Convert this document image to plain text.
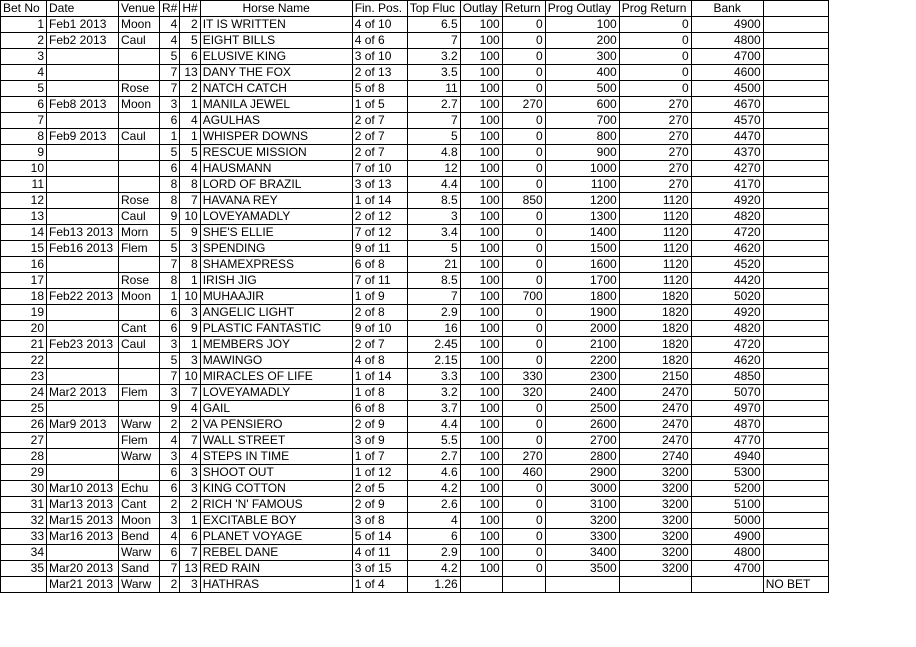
Bet No	Date	Venue	R#	H#	Horse Name	Fin. Pos.	Top Fluc	Outlay	Return	Prog Outlay	Prog Return	Bank	
1	Feb1 2013	Moon	4	2	IT IS WRITTEN	4 of 10	6.5	100	0	100	0	4900	
2	Feb2 2013	Caul	4	5	EIGHT BILLS	4 of 6	7	100	0	200	0	4800	
3			5	6	ELUSIVE KING	3 of 10	3.2	100	0	300	0	4700	
4			7	13	DANY THE FOX	2 of 13	3.5	100	0	400	0	4600	
5		Rose	7	2	NATCH CATCH	5 of 8	11	100	0	500	0	4500	
6	Feb8 2013	Moon	3	1	MANILA JEWEL	1 of 5	2.7	100	270	600	270	4670	
7			6	4	AGULHAS	2 of 7	7	100	0	700	270	4570	
8	Feb9 2013	Caul	1	1	WHISPER DOWNS	2 of 7	5	100	0	800	270	4470	
9			5	5	RESCUE MISSION	2 of 7	4.8	100	0	900	270	4370	
10			6	4	HAUSMANN	7 of 10	12	100	0	1000	270	4270	
11			8	8	LORD OF BRAZIL	3 of 13	4.4	100	0	1100	270	4170	
12		Rose	8	7	HAVANA REY	1 of 14	8.5	100	850	1200	1120	4920	
13		Caul	9	10	LOVEYAMADLY	2 of 12	3	100	0	1300	1120	4820	
14	Feb13 2013	Morn	5	9	SHE'S ELLIE	7 of 12	3.4	100	0	1400	1120	4720	
15	Feb16 2013	Flem	5	3	SPENDING	9 of 11	5	100	0	1500	1120	4620	
16			7	8	SHAMEXPRESS	6 of 8	21	100	0	1600	1120	4520	
17		Rose	8	1	IRISH JIG	7 of 11	8.5	100	0	1700	1120	4420	
18	Feb22 2013	Moon	1	10	MUHAAJIR	1 of 9	7	100	700	1800	1820	5020	
19			6	3	ANGELIC LIGHT	2 of 8	2.9	100	0	1900	1820	4920	
20		Cant	6	9	PLASTIC FANTASTIC	9 of 10	16	100	0	2000	1820	4820	
21	Feb23 2013	Caul	3	1	MEMBERS JOY	2 of 7	2.45	100	0	2100	1820	4720	
22			5	3	MAWINGO	4 of 8	2.15	100	0	2200	1820	4620	
23			7	10	MIRACLES OF LIFE	1 of 14	3.3	100	330	2300	2150	4850	
24	Mar2 2013	Flem	3	7	LOVEYAMADLY	1 of 8	3.2	100	320	2400	2470	5070	
25			9	4	GAIL	6 of 8	3.7	100	0	2500	2470	4970	
26	Mar9 2013	Warw	2	2	VA PENSIERO	2 of 9	4.4	100	0	2600	2470	4870	
27		Flem	4	7	WALL STREET	3 of 9	5.5	100	0	2700	2470	4770	
28		Warw	3	4	STEPS IN TIME	1 of 7	2.7	100	270	2800	2740	4940	
29			6	3	SHOOT OUT	1 of 12	4.6	100	460	2900	3200	5300	
30	Mar10 2013	Echu	6	3	KING COTTON	2 of 5	4.2	100	0	3000	3200	5200	
31	Mar13 2013	Cant	2	2	RICH 'N' FAMOUS	2 of 9	2.6	100	0	3100	3200	5100	
32	Mar15 2013	Moon	3	1	EXCITABLE BOY	3 of 8	4	100	0	3200	3200	5000	
33	Mar16 2013	Bend	4	6	PLANET VOYAGE	5 of 14	6	100	0	3300	3200	4900	
34		Warw	6	7	REBEL DANE	4 of 11	2.9	100	0	3400	3200	4800	
35	Mar20 2013	Sand	7	13	RED RAIN	3 of 15	4.2	100	0	3500	3200	4700	
	Mar21 2013	Warw	2	3	HATHRAS	1 of 4	1.26						NO BET
